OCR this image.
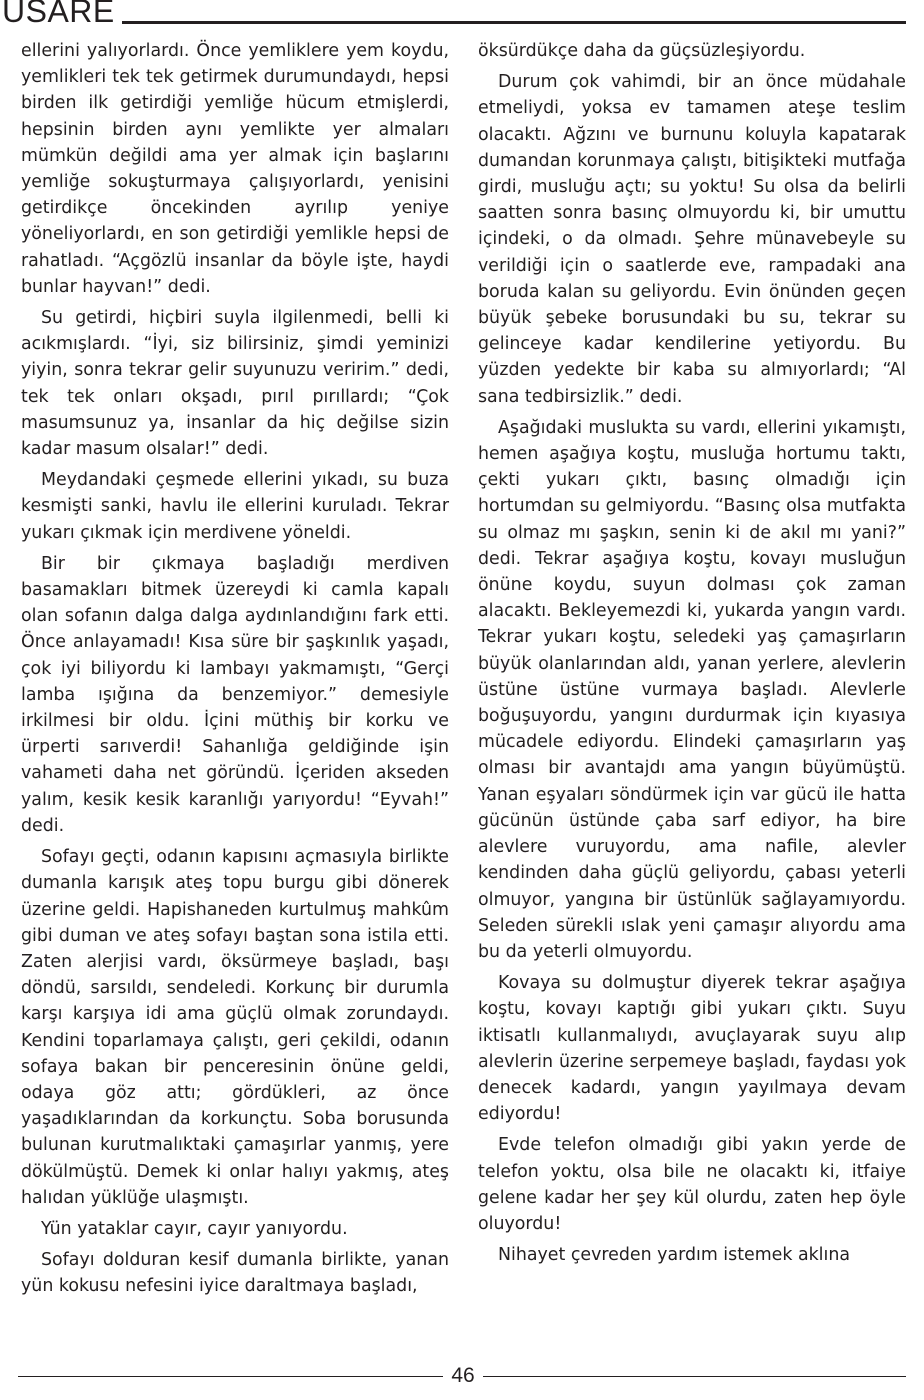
USARE

ellerini yalıyorlardı. Önce yemliklere yem koydu, yemlikleri tek tek getirmek durumundaydı, hepsi birden ilk getirdiği yemliğe hücum etmişlerdi, hepsinin birden aynı yemlikte yer almaları mümkün değildi ama yer almak için başlarını yemliğe sokuşturmaya çalışıyorlardı, yenisini getirdikçe öncekinden ayrılıp yeniye yöneliyorlardı, en son getirdiği yemlikle hepsi de rahatladı. “Açgözlü insanlar da böyle işte, haydi bunlar hayvan!” dedi.

Su getirdi, hiçbiri suyla ilgilenmedi, belli ki acıkmışlardı. “İyi, siz bilirsiniz, şimdi yeminizi yiyin, sonra tekrar gelir suyunuzu veririm.” dedi, tek tek onları okşadı, pırıl pırıllardı; “Çok masumsunuz ya, insanlar da hiç değilse sizin kadar masum olsalar!” dedi.

Meydandaki çeşmede ellerini yıkadı, su buza kesmişti sanki, havlu ile ellerini kuruladı. Tekrar yukarı çıkmak için merdivene yöneldi.

Bir bir çıkmaya başladığı merdiven basamakları bitmek üzereydi ki camla kapalı olan sofanın dalga dalga aydınlandığını fark etti. Önce anlayamadı! Kısa süre bir şaşkınlık yaşadı, çok iyi biliyordu ki lambayı yakmamıştı, “Gerçi lamba ışığına da benzemiyor.” demesiyle irkilmesi bir oldu. İçini müthiş bir korku ve ürperti sarıverdi! Sahanlığa geldiğinde işin vahameti daha net göründü. İçeriden akseden yalım, kesik kesik karanlığı yarıyordu! “Eyvah!” dedi.

Sofayı geçti, odanın kapısını açmasıyla birlikte dumanla karışık ateş topu burgu gibi dönerek üzerine geldi. Hapishaneden kurtulmuş mahkûm gibi duman ve ateş sofayı baştan sona istila etti. Zaten alerjisi vardı, öksürmeye başladı, başı döndü, sarsıldı, sendeledi. Korkunç bir durumla karşı karşıya idi ama güçlü olmak zorundaydı. Kendini toparlamaya çalıştı, geri çekildi, odanın sofaya bakan bir penceresinin önüne geldi, odaya göz attı; gördükleri, az önce yaşadıklarından da korkunçtu. Soba borusunda bulunan kurutmalıktaki çamaşırlar yanmış, yere dökülmüştü. Demek ki onlar halıyı yakmış, ateş halıdan yüklüğe ulaşmıştı.

Yün yataklar cayır, cayır yanıyordu.

Sofayı dolduran kesif dumanla birlikte, yanan yün kokusu nefesini iyice daraltmaya başladı,

öksürdükçe daha da güçsüzleşiyordu.

Durum çok vahimdi, bir an önce müdahale etmeliydi, yoksa ev tamamen ateşe teslim olacaktı. Ağzını ve burnunu koluyla kapatarak dumandan korunmaya çalıştı, bitişikteki mutfağa girdi, musluğu açtı; su yoktu! Su olsa da belirli saatten sonra basınç olmuyordu ki, bir umuttu içindeki, o da olmadı. Şehre münavebeyle su verildiği için o saatlerde eve, rampadaki ana boruda kalan su geliyordu. Evin önünden geçen büyük şebeke borusundaki bu su, tekrar su gelinceye kadar kendilerine yetiyordu. Bu yüzden yedekte bir kaba su almıyorlardı; “Al sana tedbirsizlik.” dedi.

Aşağıdaki muslukta su vardı, ellerini yıkamıştı, hemen aşağıya koştu, musluğa hortumu taktı, çekti yukarı çıktı, basınç olmadığı için hortumdan su gelmiyordu. “Basınç olsa mutfakta su olmaz mı şaşkın, senin ki de akıl mı yani?” dedi. Tekrar aşağıya koştu, kovayı musluğun önüne koydu, suyun dolması çok zaman alacaktı. Bekleyemezdi ki, yukarda yangın vardı. Tekrar yukarı koştu, seledeki yaş çamaşırların büyük olanlarından aldı, yanan yerlere, alevlerin üstüne üstüne vurmaya başladı. Alevlerle boğuşuyordu, yangını durdurmak için kıyasıya mücadele ediyordu. Elindeki çamaşırların yaş olması bir avantajdı ama yangın büyümüştü. Yanan eşyaları söndürmek için var gücü ile hatta gücünün üstünde çaba sarf ediyor, ha bire alevlere vuruyordu, ama nafile, alevler kendinden daha güçlü geliyordu, çabası yeterli olmuyor, yangına bir üstünlük sağlayamıyordu. Seleden sürekli ıslak yeni çamaşır alıyordu ama bu da yeterli olmuyordu.

Kovaya su dolmuştur diyerek tekrar aşağıya koştu, kovayı kaptığı gibi yukarı çıktı. Suyu iktisatlı kullanmalıydı, avuçlayarak suyu alıp alevlerin üzerine serpemeye başladı, faydası yok denecek kadardı, yangın yayılmaya devam ediyordu!

Evde telefon olmadığı gibi yakın yerde de telefon yoktu, olsa bile ne olacaktı ki, itfaiye gelene kadar her şey kül olurdu, zaten hep öyle oluyordu!

Nihayet çevreden yardım istemek aklına

46
